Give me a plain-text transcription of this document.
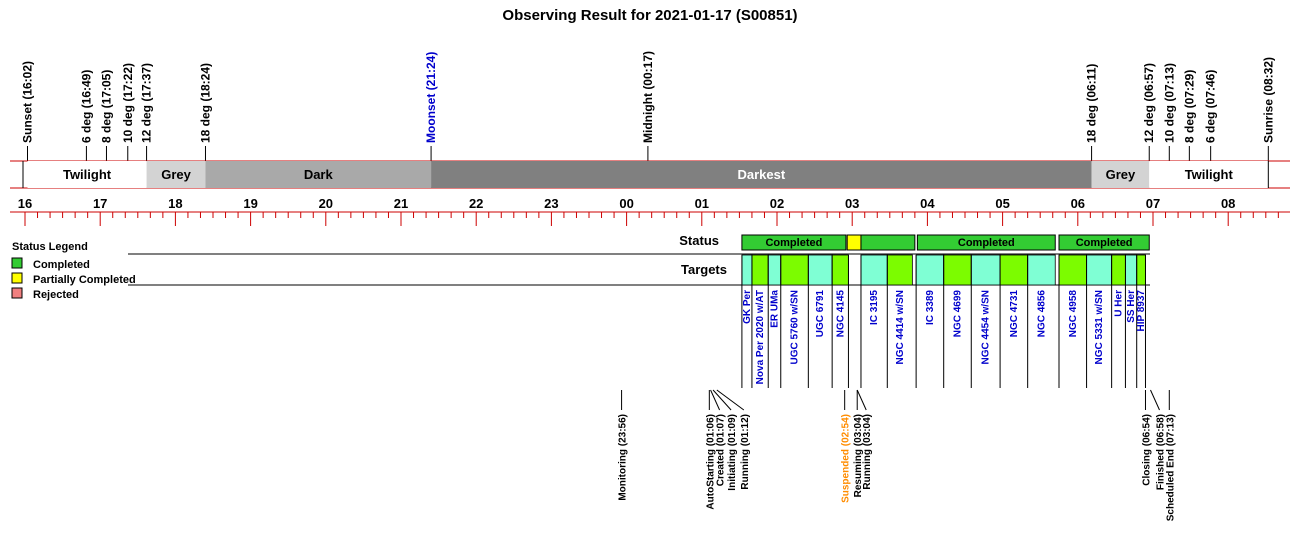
Observing Result for 2021-01-17 (S00851)
Sunset (16:02)	6 deg (16:49) 8 deg (17:05) 10 deg (17:22) 12 deg (17:37)	18 deg (18:24)	Moonset (21:24)	Midnight (00:17)	18 deg (06:11)	12 deg (06:57) 10 deg (07:13) 8 deg (07:29) 6 deg (07:46)	Sunrise (08:32)
Twilight	Grey	Dark	Darkest	Grey	Twilight
16	17	18	19	20	21	22	23	00	01	02	03	04	05	06	07	08
Status Legend
Completed
Partially Completed
Rejected
Status
Targets
Completed	Completed	Completed
GK Per Nova Per 2020 w/AT ER UMa UGC 5760 w/SN UGC 6791 NGC 4145 IC 3195 NGC 4414 w/SN IC 3389 NGC 4699 NGC 4454 w/SN NGC 4731 NGC 4856 NGC 4958 NGC 5331 w/SN U Her SS Her HIP 8937
Monitoring (23:56)	AutoStarting (01:06) Created (01:07) Initiating (01:09) Running (01:12)	Suspended (02:54) Resuming (03:04)
Running (03:04)	Closing (06:54) Finished (06:58)
Scheduled End (07:13)
